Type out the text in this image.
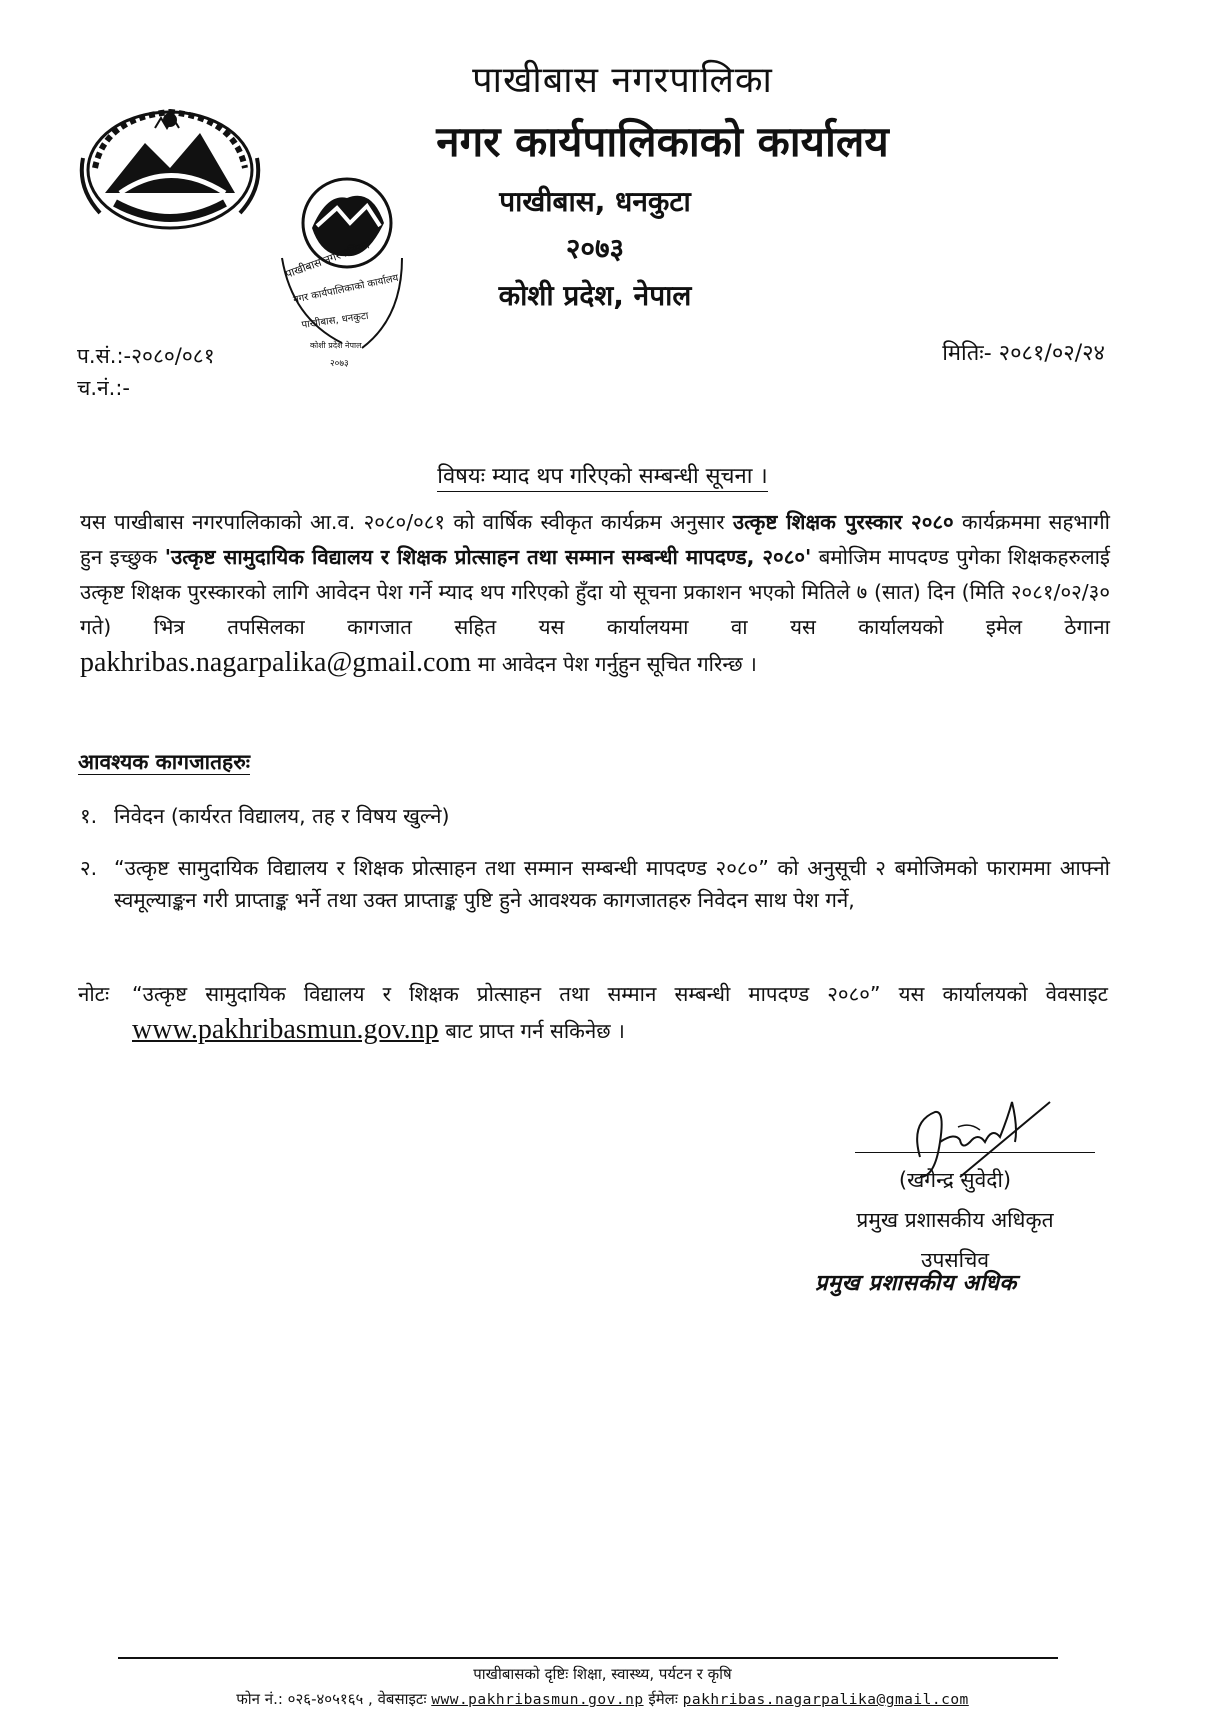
पाखीबास नगरपालिका
नगर कार्यपालिकाको कार्यालय
पाखीबास, धनकुटा
कोशी प्रदेश नेपाल
२०७३
पाखीबास नगरपालिका
नगर कार्यपालिकाको कार्यालय
पाखीबास, धनकुटा
२०७३
कोशी प्रदेश, नेपाल
प.सं.:-२०८०/०८१
च.नं.:-
मितिः- २०८१/०२/२४
विषयः म्याद थप गरिएको सम्बन्धी सूचना ।
यस पाखीबास नगरपालिकाको आ.व. २०८०/०८१ को वार्षिक स्वीकृत कार्यक्रम अनुसार उत्कृष्ट शिक्षक पुरस्कार २०८० कार्यक्रममा सहभागी हुन इच्छुक 'उत्कृष्ट सामुदायिक विद्यालय र शिक्षक प्रोत्साहन तथा सम्मान सम्बन्धी मापदण्ड, २०८०' बमोजिम मापदण्ड पुगेका शिक्षकहरुलाई उत्कृष्ट शिक्षक पुरस्कारको लागि आवेदन पेश गर्ने म्याद थप गरिएको हुँदा यो सूचना प्रकाशन भएको मितिले ७ (सात) दिन (मिति २०८१/०२/३० गते) भित्र तपसिलका कागजात सहित यस कार्यालयमा वा यस कार्यालयको इमेल ठेगाना pakhribas.nagarpalika@gmail.com मा आवेदन पेश गर्नुहुन सूचित गरिन्छ ।
आवश्यक कागजातहरुः
१. निवेदन (कार्यरत विद्यालय, तह र विषय खुल्ने)
२. “उत्कृष्ट सामुदायिक विद्यालय र शिक्षक प्रोत्साहन तथा सम्मान सम्बन्धी मापदण्ड २०८०” को अनुसूची २ बमोजिमको फाराममा आफ्नो स्वमूल्याङ्कन गरी प्राप्ताङ्क भर्ने तथा उक्त प्राप्ताङ्क पुष्टि हुने आवश्यक कागजातहरु निवेदन साथ पेश गर्ने,
नोटः “उत्कृष्ट सामुदायिक विद्यालय र शिक्षक प्रोत्साहन तथा सम्मान सम्बन्धी मापदण्ड २०८०” यस कार्यालयको वेवसाइट www.pakhribasmun.gov.np बाट प्राप्त गर्न सकिनेछ ।
(खगेन्द्र सुवेदी)
प्रमुख प्रशासकीय अधिकृत
उपसचिव
प्रमुख प्रशासकीय अधिक
पाखीबासको दृष्टिः शिक्षा, स्वास्थ्य, पर्यटन र कृषि
फोन नं.: ०२६-४०५१६५ , वेबसाइटः www.pakhribasmun.gov.np ईमेलः pakhribas.nagarpalika@gmail.com
